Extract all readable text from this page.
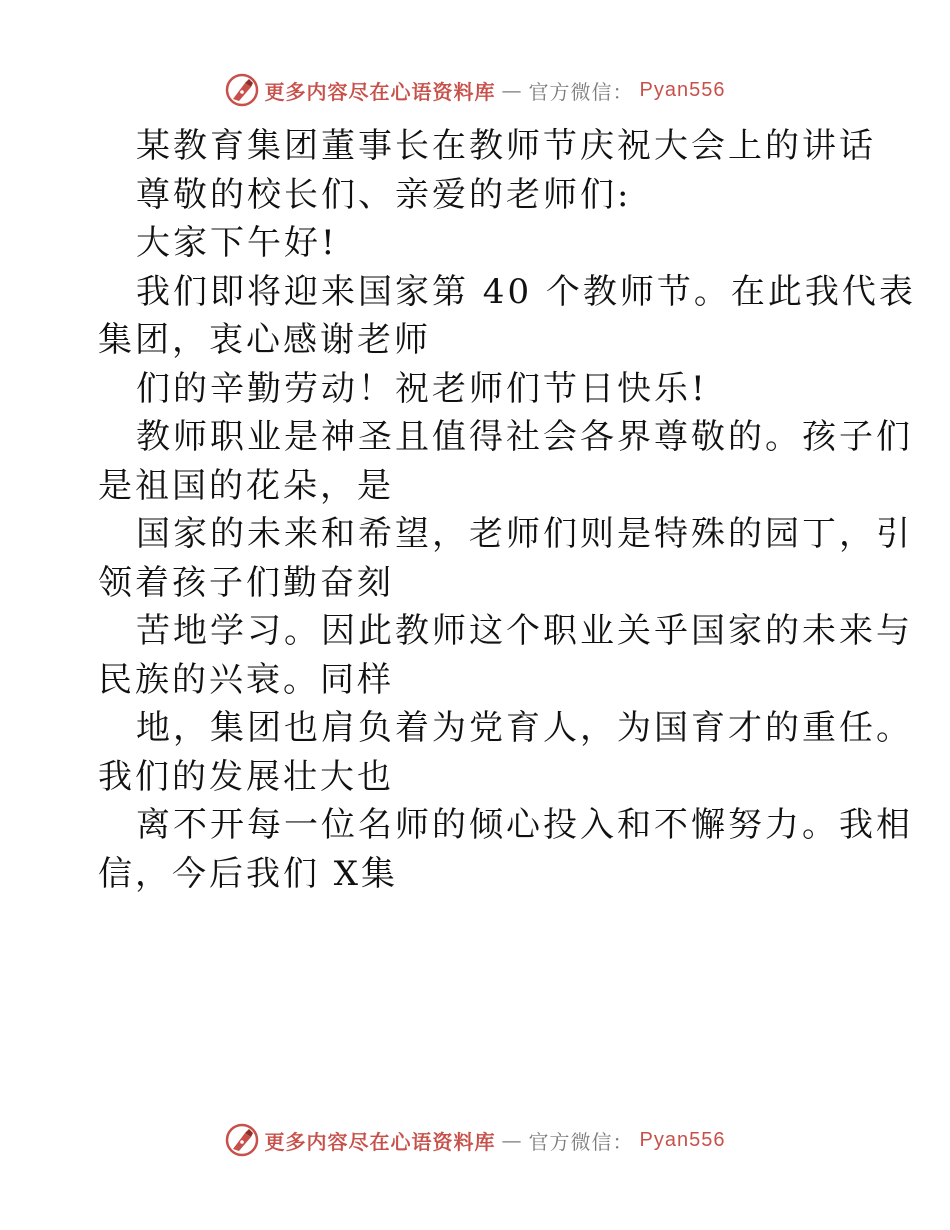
更多内容尽在心语资料库 — 官方微信： Pyan556
某教育集团董事长在教师节庆祝大会上的讲话
尊敬的校长们、亲爱的老师们:
大家下午好!
我们即将迎来国家第 40 个教师节。在此我代表
集团，衷心感谢老师
们的辛勤劳动！祝老师们节日快乐!
教师职业是神圣且值得社会各界尊敬的。孩子们
是祖国的花朵，是
国家的未来和希望，老师们则是特殊的园丁，引
领着孩子们勤奋刻
苦地学习。因此教师这个职业关乎国家的未来与
民族的兴衰。同样
地，集团也肩负着为党育人，为国育才的重任。
我们的发展壮大也
离不开每一位名师的倾心投入和不懈努力。我相
信，今后我们 X集
更多内容尽在心语资料库 — 官方微信： Pyan556
